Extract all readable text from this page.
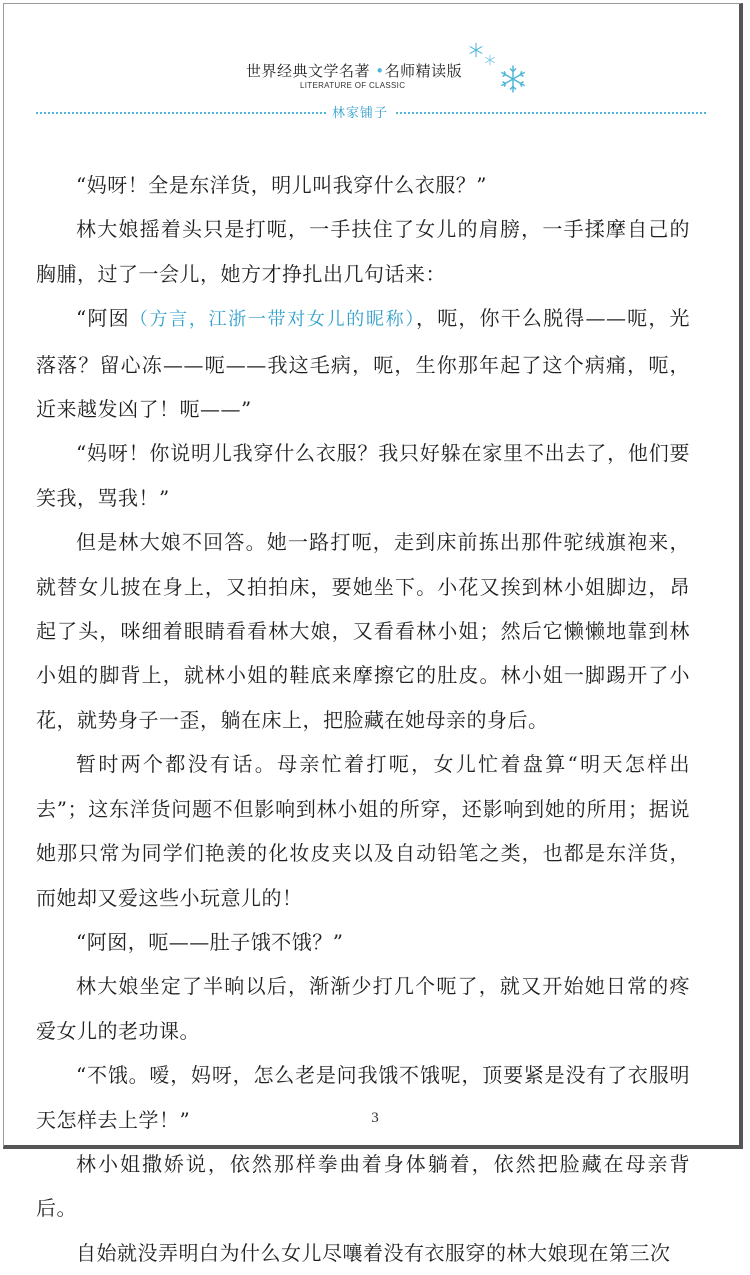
世界经典文学名著 •名师精读版
LITERATURE OF CLASSIC
林家铺子

“妈呀！全是东洋货，明儿叫我穿什么衣服？”

林大娘摇着头只是打呃，一手扶住了女儿的肩膀，一手揉摩自己的胸脯，过了一会儿，她方才挣扎出几句话来：

“阿囡（方言，江浙一带对女儿的昵称），呃，你干么脱得——呃，光落落？留心冻——呃——我这毛病，呃，生你那年起了这个病痛，呃，近来越发凶了！呃——”

“妈呀！你说明儿我穿什么衣服？我只好躲在家里不出去了，他们要笑我，骂我！”

但是林大娘不回答。她一路打呃，走到床前拣出那件驼绒旗袍来，就替女儿披在身上，又拍拍床，要她坐下。小花又挨到林小姐脚边，昂起了头，咪细着眼睛看看林大娘，又看看林小姐；然后它懒懒地靠到林小姐的脚背上，就林小姐的鞋底来摩擦它的肚皮。林小姐一脚踢开了小花，就势身子一歪，躺在床上，把脸藏在她母亲的身后。

暂时两个都没有话。母亲忙着打呃，女儿忙着盘算“明天怎样出去”；这东洋货问题不但影响到林小姐的所穿，还影响到她的所用；据说她那只常为同学们艳羡的化妆皮夹以及自动铅笔之类，也都是东洋货，而她却又爱这些小玩意儿的！

“阿囡，呃——肚子饿不饿？”

林大娘坐定了半晌以后，渐渐少打几个呃了，就又开始她日常的疼爱女儿的老功课。

“不饿。嗳，妈呀，怎么老是问我饿不饿呢，顶要紧是没有了衣服明天怎样去上学！”

林小姐撒娇说，依然那样拳曲着身体躺着，依然把脸藏在母亲背后。

自始就没弄明白为什么女儿尽嚷着没有衣服穿的林大娘现在第三次

3
